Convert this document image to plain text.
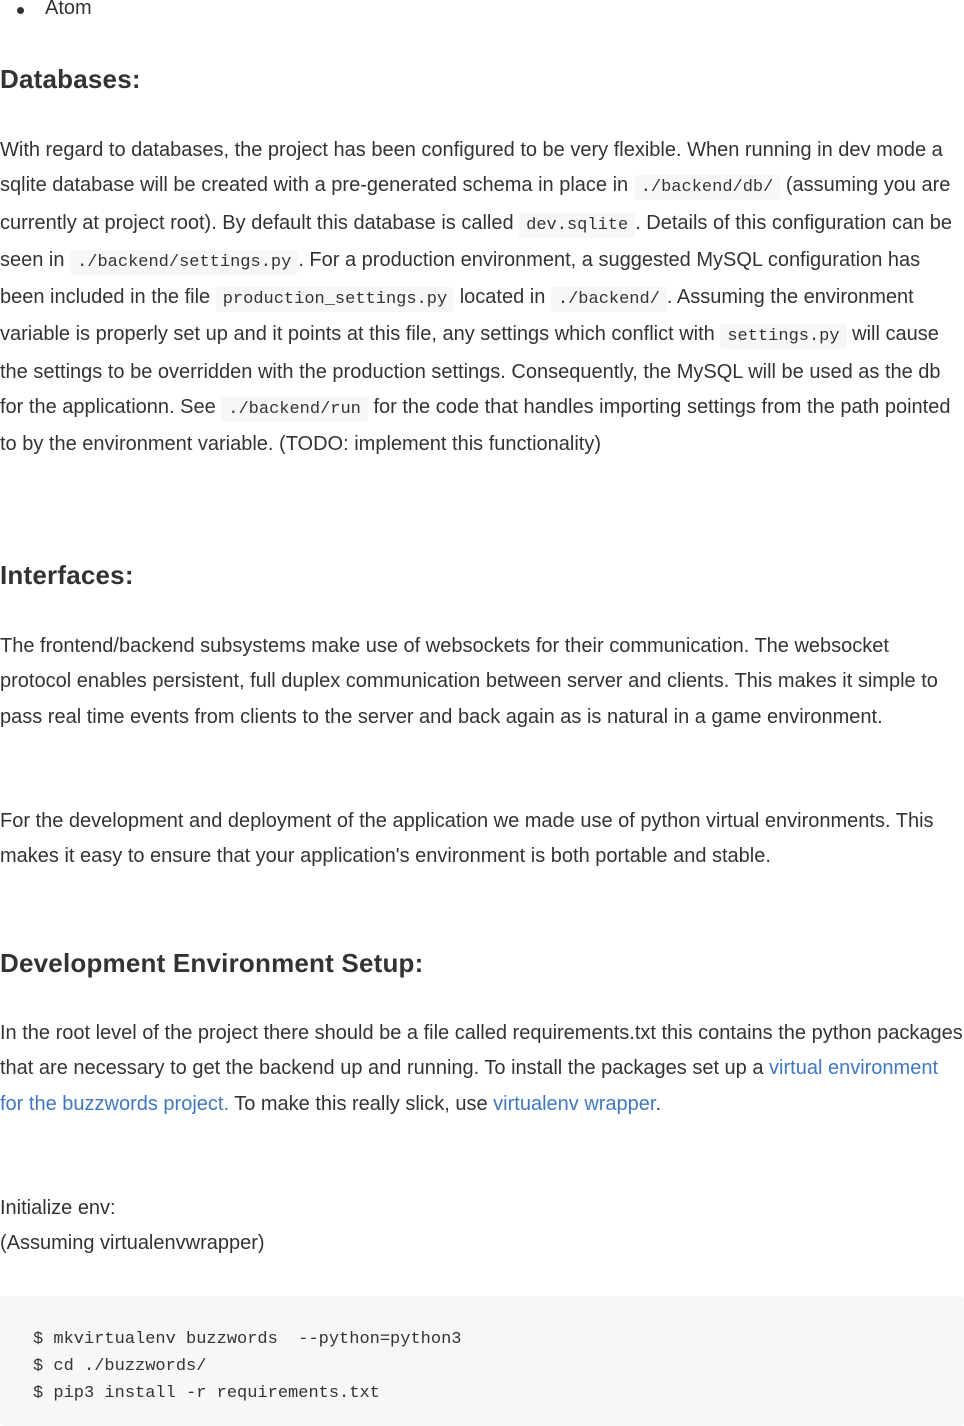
Atom
Databases:

With regard to databases, the project has been configured to be very flexible. When running in dev mode a sqlite database will be created with a pre-generated schema in place in ./backend/db/ (assuming you are currently at project root). By default this database is called dev.sqlite . Details of this configuration can be seen in ./backend/settings.py . For a production environment, a suggested MySQL configuration has been included in the file production_settings.py located in ./backend/ . Assuming the environment variable is properly set up and it points at this file, any settings which conflict with settings.py will cause the settings to be overridden with the production settings. Consequently, the MySQL will be used as the db for the applicationn. See ./backend/run for the code that handles importing settings from the path pointed to by the environment variable. (TODO: implement this functionality)

Interfaces:

The frontend/backend subsystems make use of websockets for their communication. The websocket protocol enables persistent, full duplex communication between server and clients. This makes it simple to pass real time events from clients to the server and back again as is natural in a game environment.

For the development and deployment of the application we made use of python virtual environments. This makes it easy to ensure that your application's environment is both portable and stable.

Development Environment Setup:

In the root level of the project there should be a file called requirements.txt this contains the python packages that are necessary to get the backend up and running. To install the packages set up a virtual environment for the buzzwords project. To make this really slick, use virtualenv wrapper.

Initialize env:
(Assuming virtualenvwrapper)

$ mkvirtualenv buzzwords  --python=python3
$ cd ./buzzwords/
$ pip3 install -r requirements.txt
